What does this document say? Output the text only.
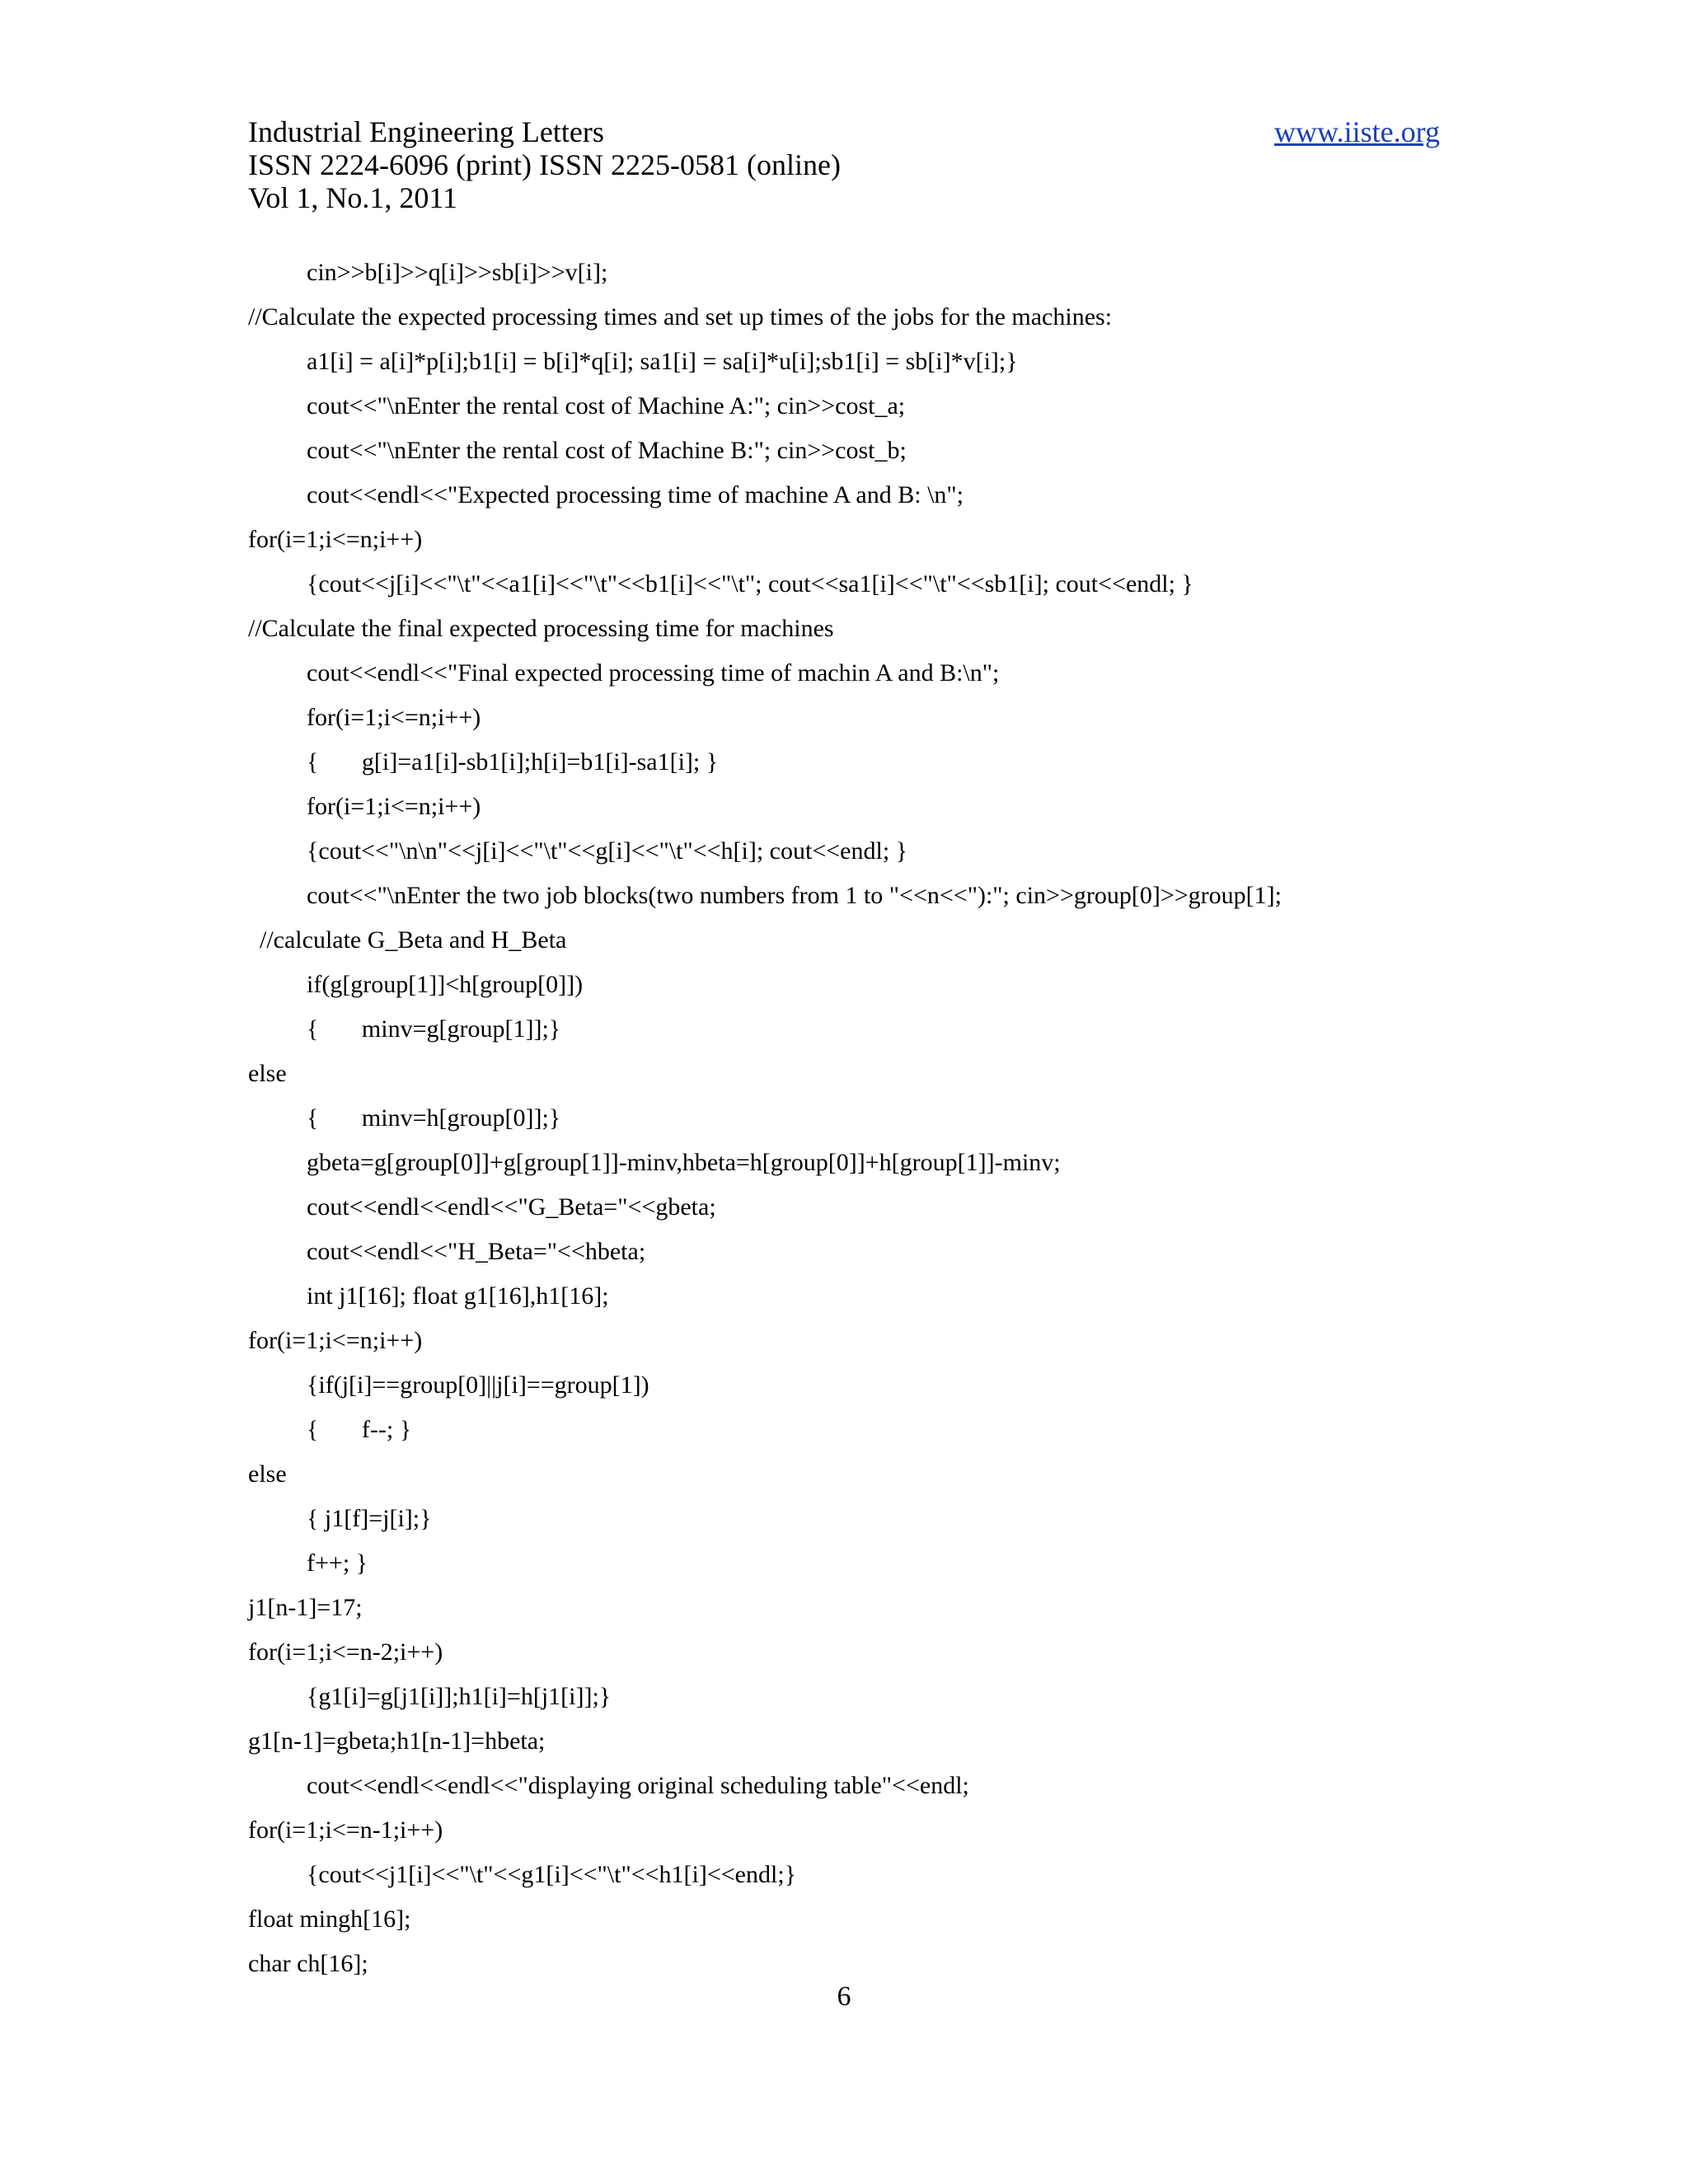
Industrial Engineering Letters
ISSN 2224-6096 (print) ISSN 2225-0581 (online)
Vol 1, No.1, 2011
www.iiste.org
cin>>b[i]>>q[i]>>sb[i]>>v[i];
//Calculate the expected processing times and set up times of the jobs for the machines:
a1[i] = a[i]*p[i];b1[i] = b[i]*q[i]; sa1[i] = sa[i]*u[i];sb1[i] = sb[i]*v[i];}
cout<<"\nEnter the rental cost of Machine A:"; cin>>cost_a;
cout<<"\nEnter the rental cost of Machine B:"; cin>>cost_b;
cout<<endl<<"Expected processing time of machine A and B: \n";
for(i=1;i<=n;i++)
{cout<<j[i]<<"\t"<<a1[i]<<"\t"<<b1[i]<<"\t"; cout<<sa1[i]<<"\t"<<sb1[i]; cout<<endl; }
//Calculate the final expected processing time for machines
cout<<endl<<"Final expected processing time of machin A and B:\n";
for(i=1;i<=n;i++)
{       g[i]=a1[i]-sb1[i];h[i]=b1[i]-sa1[i]; }
for(i=1;i<=n;i++)
{cout<<"\n\n"<<j[i]<<"\t"<<g[i]<<"\t"<<h[i]; cout<<endl; }
cout<<"\nEnter the two job blocks(two numbers from 1 to "<<n<<"):"; cin>>group[0]>>group[1];
//calculate G_Beta and H_Beta
if(g[group[1]]<h[group[0]])
{       minv=g[group[1]];}
else
{       minv=h[group[0]];}
gbeta=g[group[0]]+g[group[1]]-minv,hbeta=h[group[0]]+h[group[1]]-minv;
cout<<endl<<endl<<"G_Beta="<<gbeta;
cout<<endl<<"H_Beta="<<hbeta;
int j1[16]; float g1[16],h1[16];
for(i=1;i<=n;i++)
{if(j[i]==group[0]||j[i]==group[1])
{       f--; }
else
{ j1[f]=j[i];}
f++; }
j1[n-1]=17;
for(i=1;i<=n-2;i++)
{g1[i]=g[j1[i]];h1[i]=h[j1[i]];}
g1[n-1]=gbeta;h1[n-1]=hbeta;
cout<<endl<<endl<<"displaying original scheduling table"<<endl;
for(i=1;i<=n-1;i++)
{cout<<j1[i]<<"\t"<<g1[i]<<"\t"<<h1[i]<<endl;}
float mingh[16];
char ch[16];
6
